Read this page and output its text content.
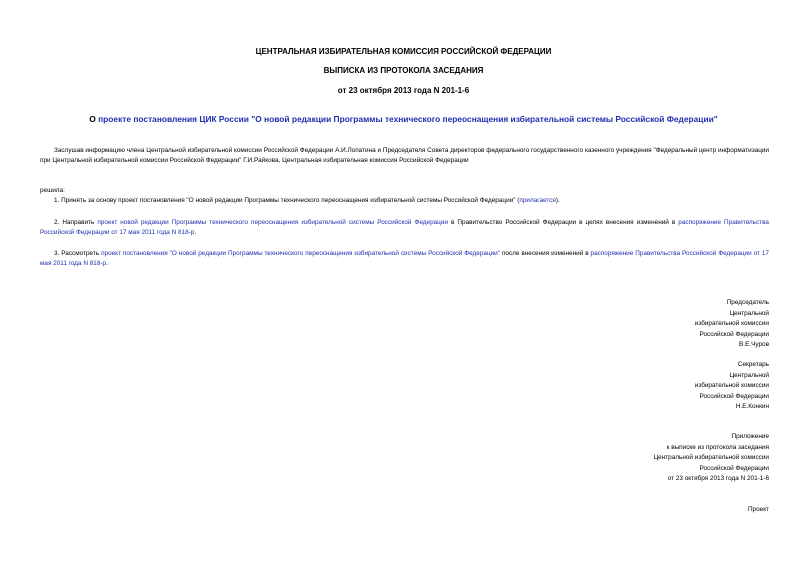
ЦЕНТРАЛЬНАЯ ИЗБИРАТЕЛЬНАЯ КОМИССИЯ РОССИЙСКОЙ ФЕДЕРАЦИИ
ВЫПИСКА ИЗ ПРОТОКОЛА ЗАСЕДАНИЯ
от 23 октября 2013 года N 201-1-6
О проекте постановления ЦИК России "О новой редакции Программы технического переоснащения избирательной системы Российской Федерации"
Заслушав информацию члена Центральной избирательной комиссии Российской Федерации А.И.Лопатина и Председателя Совета директоров федерального государственного казенного учреждения "Федеральный центр информатизации при Центральной избирательной комиссии Российской Федерации" Г.И.Райкова, Центральная избирательная комиссия Российской Федерации
решила:
1. Принять за основу проект постановления "О новой редакции Программы технического переоснащения избирательной системы Российской Федерации" (прилагается).
2. Направить проект новой редакции Программы технического переоснащения избирательной системы Российской Федерации в Правительство Российской Федерации в целях внесения изменений в распоряжение Правительства Российской Федерации от 17 мая 2011 года N 818-р.
3. Рассмотреть проект постановления "О новой редакции Программы технического переоснащения избирательной системы Российской Федерации" после внесения изменений в распоряжение Правительства Российской Федерации от 17 мая 2011 года N 818-р.
Председатель
Центральной
избирательной комиссии
Российской Федерации
В.Е.Чуров
Секретарь
Центральной
избирательной комиссии
Российской Федерации
Н.Е.Конкин
Приложение
к выписке из протокола заседания
Центральной избирательной комиссии
Российской Федерации
от 23 октября 2013 года N 201-1-6
Проект
